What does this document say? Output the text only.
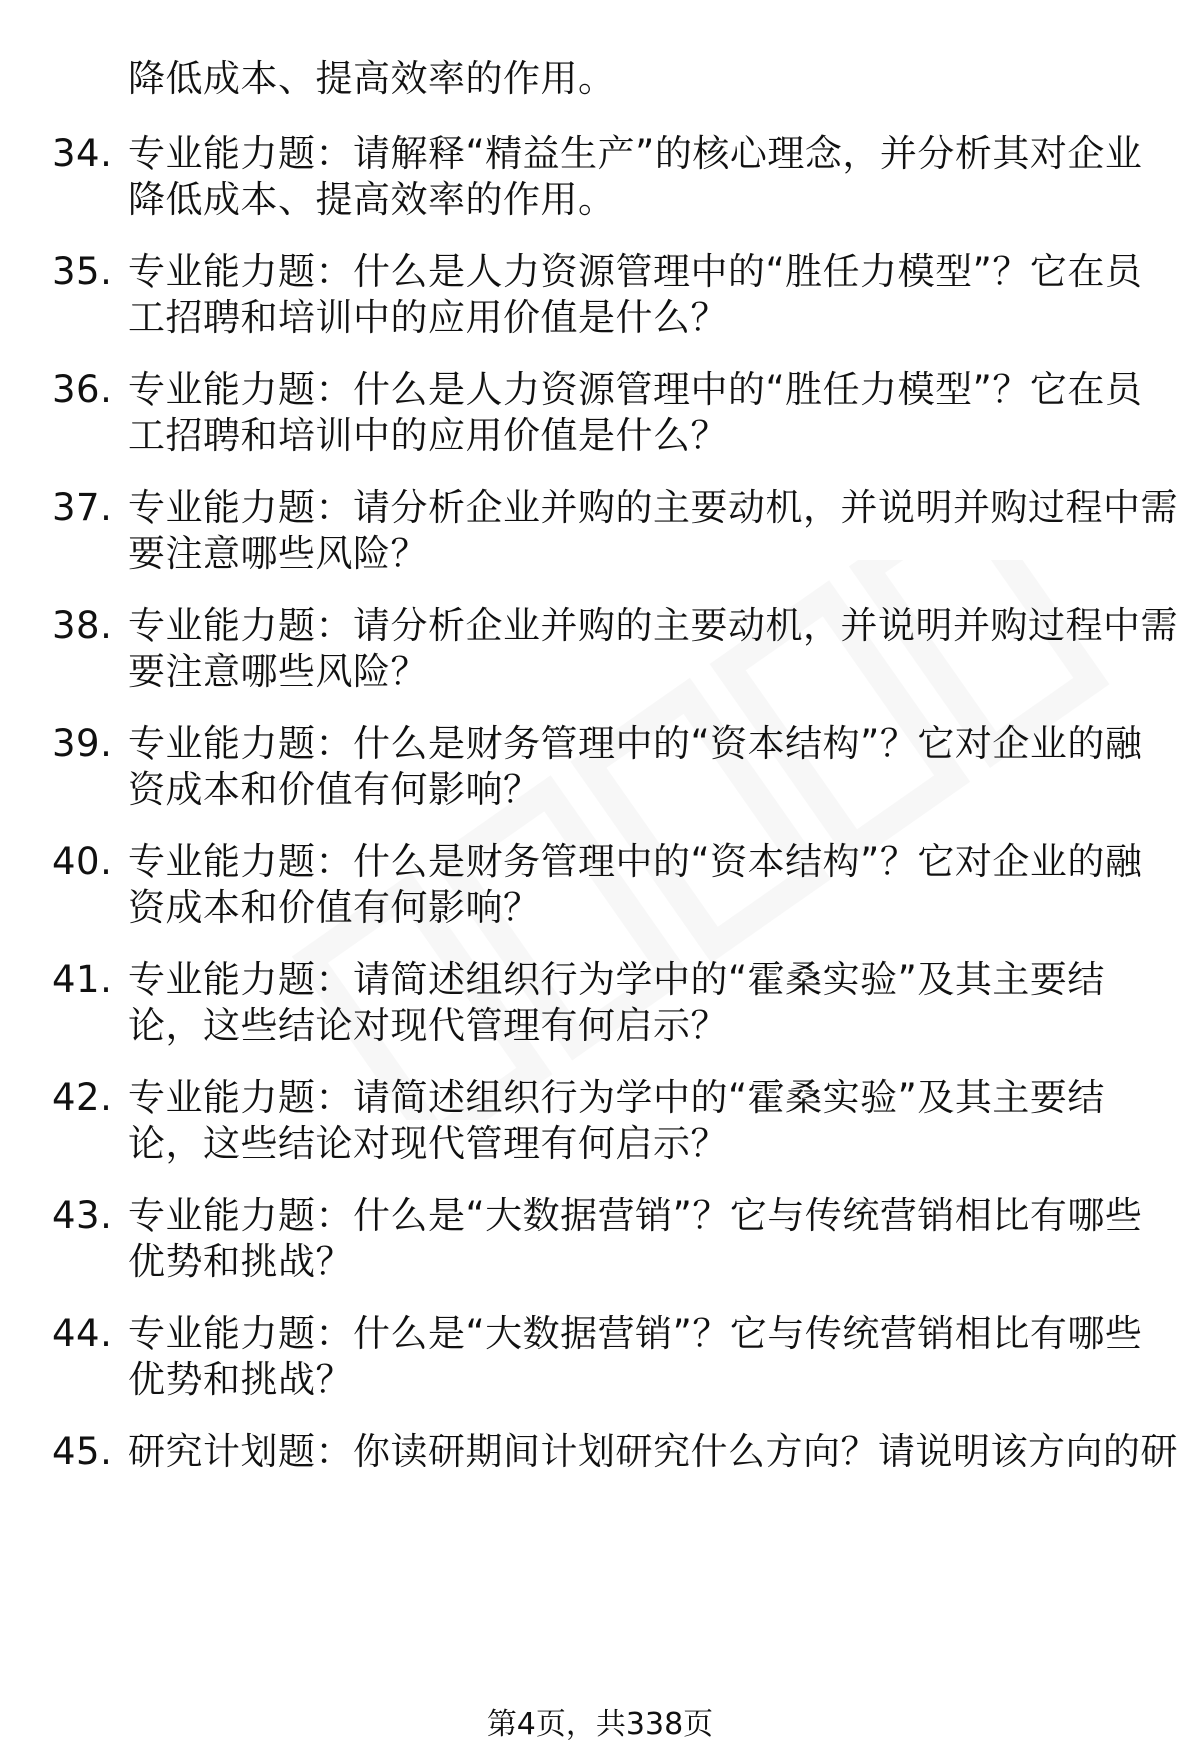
降低成本、提高效率的作用。
34. 专业能力题：请解释“精益生产”的核心理念，并分析其对企业
降低成本、提高效率的作用。
35. 专业能力题：什么是人力资源管理中的“胜任力模型”？它在员
工招聘和培训中的应用价值是什么？
36. 专业能力题：什么是人力资源管理中的“胜任力模型”？它在员
工招聘和培训中的应用价值是什么？
37. 专业能力题：请分析企业并购的主要动机，并说明并购过程中需
要注意哪些风险？
38. 专业能力题：请分析企业并购的主要动机，并说明并购过程中需
要注意哪些风险？
39. 专业能力题：什么是财务管理中的“资本结构”？它对企业的融
资成本和价值有何影响？
40. 专业能力题：什么是财务管理中的“资本结构”？它对企业的融
资成本和价值有何影响？
41. 专业能力题：请简述组织行为学中的“霍桑实验”及其主要结
论，这些结论对现代管理有何启示？
42. 专业能力题：请简述组织行为学中的“霍桑实验”及其主要结
论，这些结论对现代管理有何启示？
43. 专业能力题：什么是“大数据营销”？它与传统营销相比有哪些
优势和挑战？
44. 专业能力题：什么是“大数据营销”？它与传统营销相比有哪些
优势和挑战？
45. 研究计划题：你读研期间计划研究什么方向？请说明该方向的研
第4页，共338页
